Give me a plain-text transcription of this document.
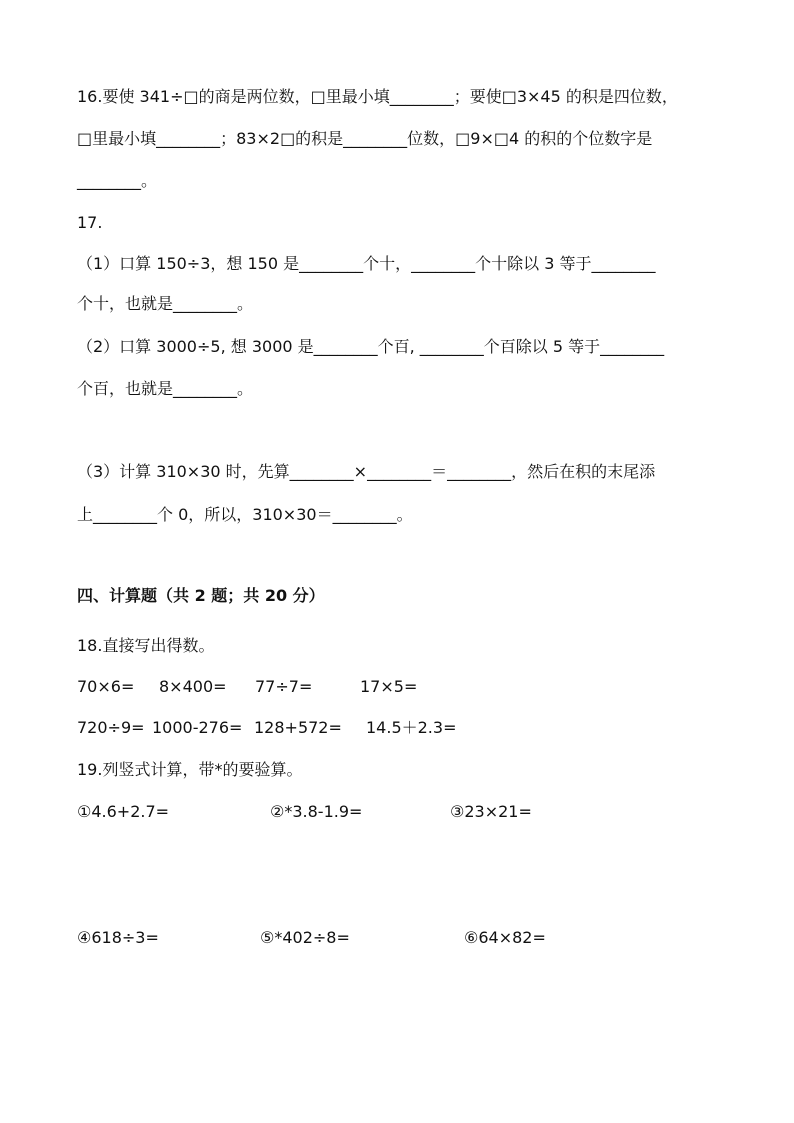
16.要使 341÷□的商是两位数，□里最小填________；要使□3×45 的积是四位数，
□里最小填________；83×2□的积是________位数，□9×□4 的积的个位数字是
________。
17.
（1）口算 150÷3，想 150 是________个十，________个十除以 3 等于________
个十，也就是________。
（2）口算 3000÷5, 想 3000 是________个百, ________个百除以 5 等于________
个百，也就是________。
（3）计算 310×30 时，先算________×________＝________，然后在积的末尾添
上________个 0，所以，310×30＝________。
四、计算题（共 2 题；共 20 分）
18.直接写出得数。
70×6= 8×400= 77÷7=	17×5=
720÷9= 1000-276= 128+572= 14.5＋2.3=
19.列竖式计算，带*的要验算。
①4.6+2.7=	②*3.8-1.9=	③23×21=
④618÷3=	⑤*402÷8=	⑥64×82=
